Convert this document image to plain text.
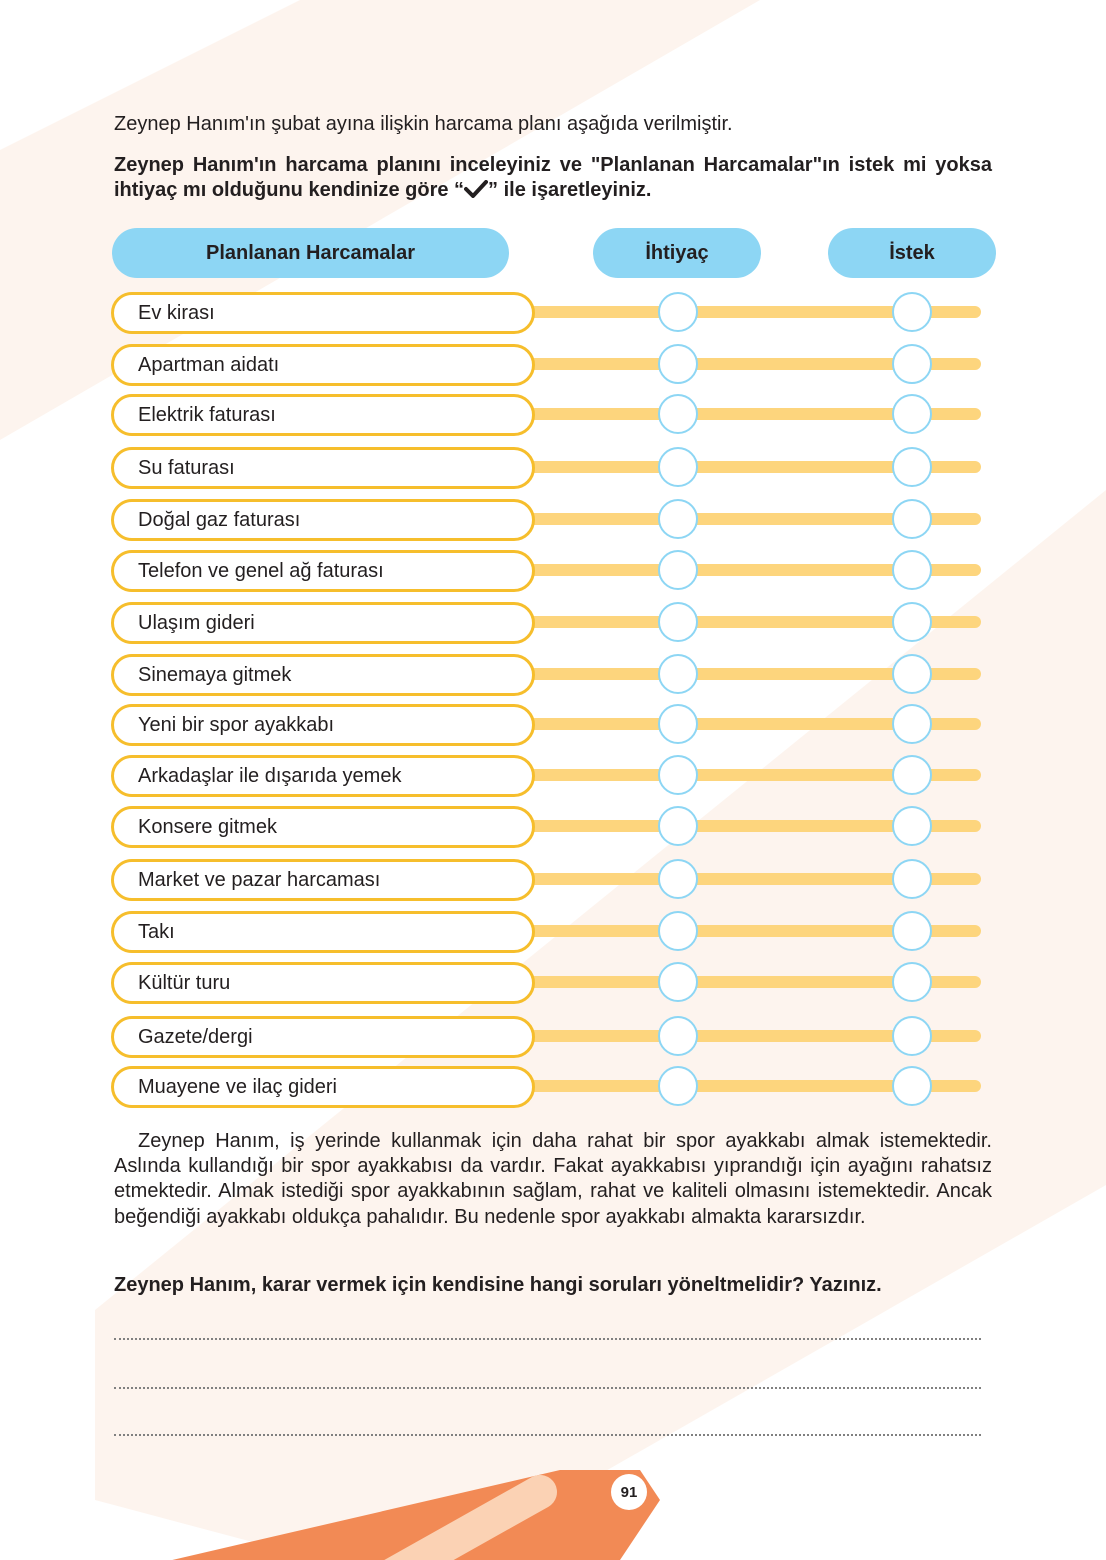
Zeynep Hanım'ın şubat ayına ilişkin harcama planı aşağıda verilmiştir.
Zeynep Hanım'ın harcama planını inceleyiniz ve "Planlanan Harcamalar"ın istek mi yoksa ihtiyaç mı olduğunu kendinize göre “ ” ile işaretleyiniz.
Planlanan Harcamalar	İhtiyaç	İstek
Ev kirası
Apartman aidatı
Elektrik faturası
Su faturası
Doğal gaz faturası
Telefon ve genel ağ faturası
Ulaşım gideri
Sinemaya gitmek
Yeni bir spor ayakkabı
Arkadaşlar ile dışarıda yemek
Konsere gitmek
Market ve pazar harcaması
Takı
Kültür turu
Gazete/dergi
Muayene ve ilaç gideri

Zeynep Hanım, iş yerinde kullanmak için daha rahat bir spor ayakkabı almak istemektedir. Aslında kullandığı bir spor ayakkabısı da vardır. Fakat ayakkabısı yıprandığı için ayağını rahatsız etmektedir. Almak istediği spor ayakkabının sağlam, rahat ve kaliteli olmasını istemektedir. Ancak beğendiği ayakkabı oldukça pahalıdır. Bu nedenle spor ayakkabı almakta kararsızdır.

Zeynep Hanım, karar vermek için kendisine hangi soruları yöneltmelidir? Yazınız.
91
